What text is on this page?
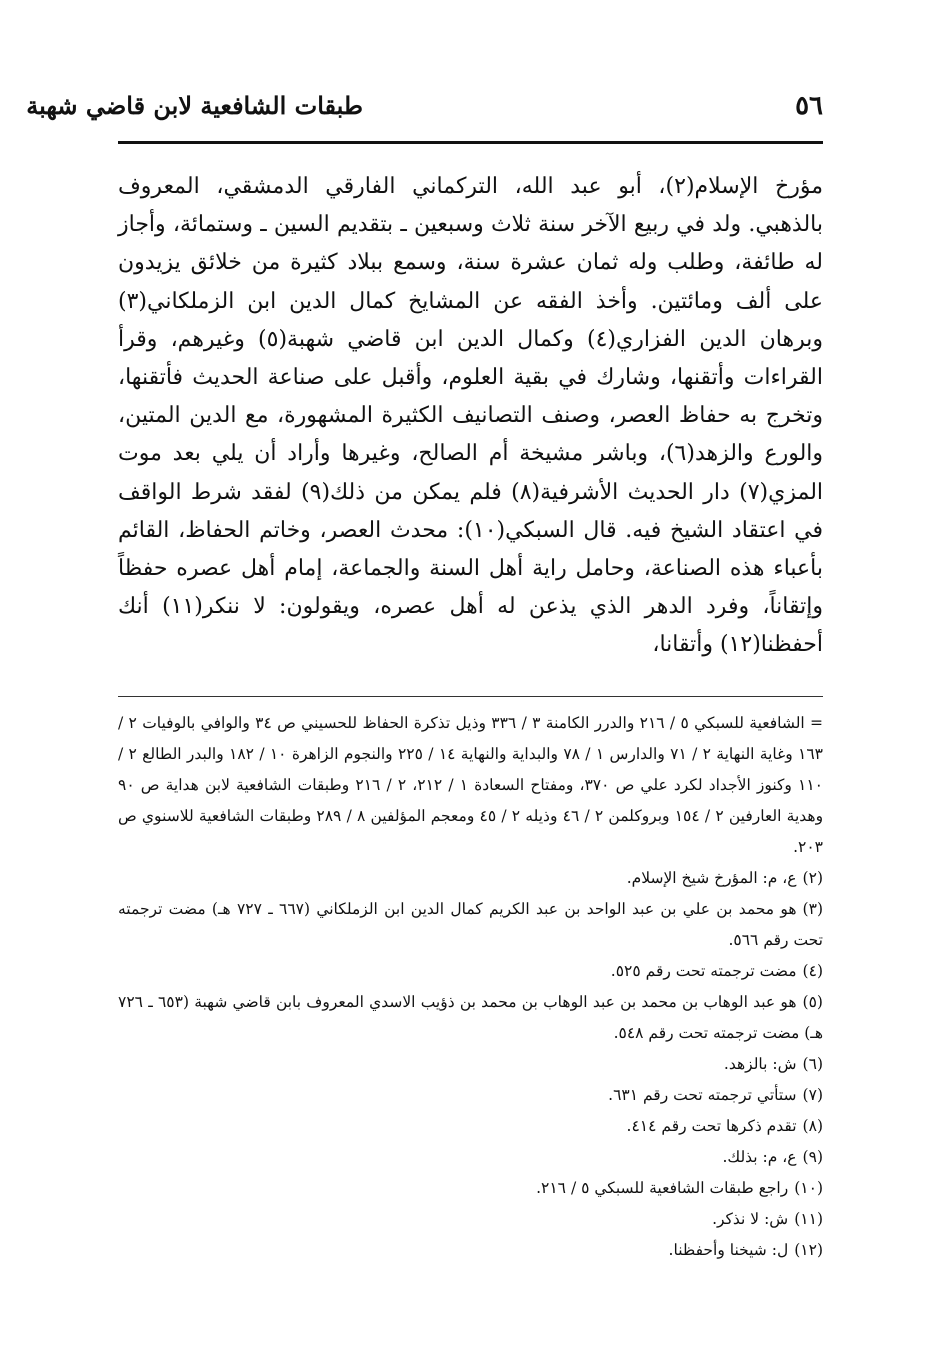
٥٦
طبقات الشافعية لابن قاضي شهبة

مؤرخ الإسلام(٢)، أبو عبد الله، التركماني الفارقي الدمشقي، المعروف بالذهبي. ولد في ربيع الآخر سنة ثلاث وسبعين ـ بتقديم السين ـ وستمائة، وأجاز له طائفة، وطلب وله ثمان عشرة سنة، وسمع ببلاد كثيرة من خلائق يزيدون على ألف ومائتين. وأخذ الفقه عن المشايخ كمال الدين ابن الزملكاني(٣) وبرهان الدين الفزاري(٤) وكمال الدين ابن قاضي شهبة(٥) وغيرهم، وقرأ القراءات وأتقنها، وشارك في بقية العلوم، وأقبل على صناعة الحديث فأتقنها، وتخرج به حفاظ العصر، وصنف التصانيف الكثيرة المشهورة، مع الدين المتين، والورع والزهد(٦)، وباشر مشيخة أم الصالح، وغيرها وأراد أن يلي بعد موت المزي(٧) دار الحديث الأشرفية(٨) فلم يمكن من ذلك(٩) لفقد شرط الواقف في اعتقاد الشيخ فيه. قال السبكي(١٠): محدث العصر، وخاتم الحفاظ، القائم بأعباء هذه الصناعة، وحامل راية أهل السنة والجماعة، إمام أهل عصره حفظاً وإتقاناً، وفرد الدهر الذي يذعن له أهل عصره، ويقولون: لا ننكر(١١) أنك أحفظنا(١٢) وأتقانا،

= الشافعية للسبكي ٥ / ٢١٦ والدرر الكامنة ٣ / ٣٣٦ وذيل تذكرة الحفاظ للحسيني ص ٣٤ والوافي بالوفيات ٢ / ١٦٣ وغاية النهاية ٢ / ٧١ والدارس ١ / ٧٨ والبداية والنهاية ١٤ / ٢٢٥ والنجوم الزاهرة ١٠ / ١٨٢ والبدر الطالع ٢ / ١١٠ وكنوز الأجداد لكرد علي ص ٣٧٠، ومفتاح السعادة ١ / ٢١٢، ٢ / ٢١٦ وطبقات الشافعية لابن هداية ص ٩٠ وهدية العارفين ٢ / ١٥٤ وبروكلمن ٢ / ٤٦ وذيله ٢ / ٤٥ ومعجم المؤلفين ٨ / ٢٨٩ وطبقات الشافعية للاسنوي ص ٢٠٣.

(٢)ع، م: المؤرخ شيخ الإسلام.

(٣)هو محمد بن علي بن عبد الواحد بن عبد الكريم كمال الدين ابن الزملكاني (٦٦٧ ـ ٧٢٧ هـ) مضت ترجمته تحت رقم ٥٦٦.

(٤)مضت ترجمته تحت رقم ٥٢٥.

(٥)هو عبد الوهاب بن محمد بن عبد الوهاب بن محمد بن ذؤيب الاسدي المعروف بابن قاضي شهبة (٦٥٣ ـ ٧٢٦ هـ) مضت ترجمته تحت رقم ٥٤٨.

(٦)ش: بالزهد.

(٧)ستأتي ترجمته تحت رقم ٦٣١.

(٨)تقدم ذكرها تحت رقم ٤١٤.

(٩)ع، م: بذلك.

(١٠)راجع طبقات الشافعية للسبكي ٥ / ٢١٦.

(١١)ش: لا نذكر.

(١٢)ل: شيخنا وأحفظنا.
